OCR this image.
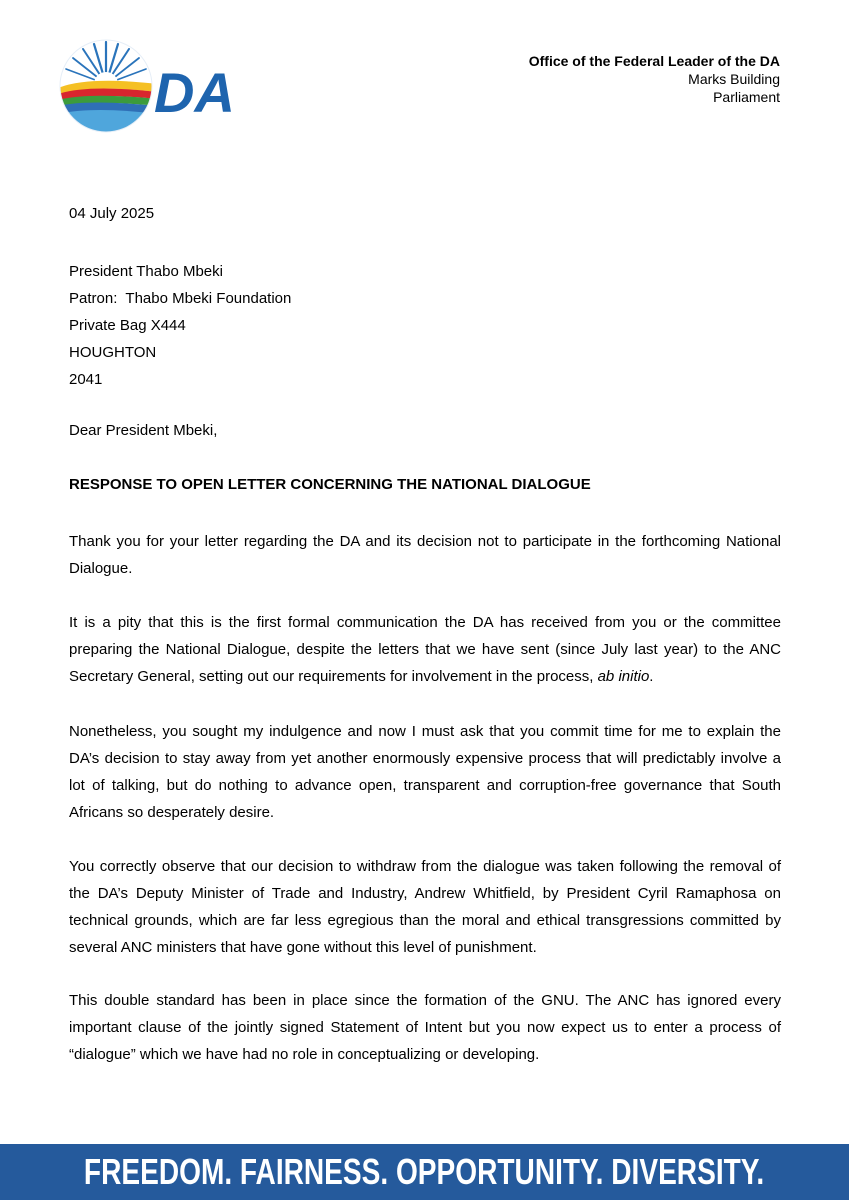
DA	Office of the Federal Leader of the DA
Marks Building
Parliament
04 July 2025
President Thabo Mbeki
Patron:  Thabo Mbeki Foundation
Private Bag X444
HOUGHTON
2041
Dear President Mbeki,
RESPONSE TO OPEN LETTER CONCERNING THE NATIONAL DIALOGUE
Thank you for your letter regarding the DA and its decision not to participate in the forthcoming National Dialogue.
It is a pity that this is the first formal communication the DA has received from you or the committee preparing the National Dialogue, despite the letters that we have sent (since July last year) to the ANC Secretary General, setting out our requirements for involvement in the process, ab initio.
Nonetheless, you sought my indulgence and now I must ask that you commit time for me to explain the DA’s decision to stay away from yet another enormously expensive process that will predictably involve a lot of talking, but do nothing to advance open, transparent and corruption-free governance that South Africans so desperately desire.
You correctly observe that our decision to withdraw from the dialogue was taken following the removal of the DA’s Deputy Minister of Trade and Industry, Andrew Whitfield, by President Cyril Ramaphosa on technical grounds, which are far less egregious than the moral and ethical transgressions committed by several ANC ministers that have gone without this level of punishment.
This double standard has been in place since the formation of the GNU. The ANC has ignored every important clause of the jointly signed Statement of Intent but you now expect us to enter a process of “dialogue” which we have had no role in conceptualizing or developing.
FREEDOM. FAIRNESS. OPPORTUNITY. DIVERSITY.
